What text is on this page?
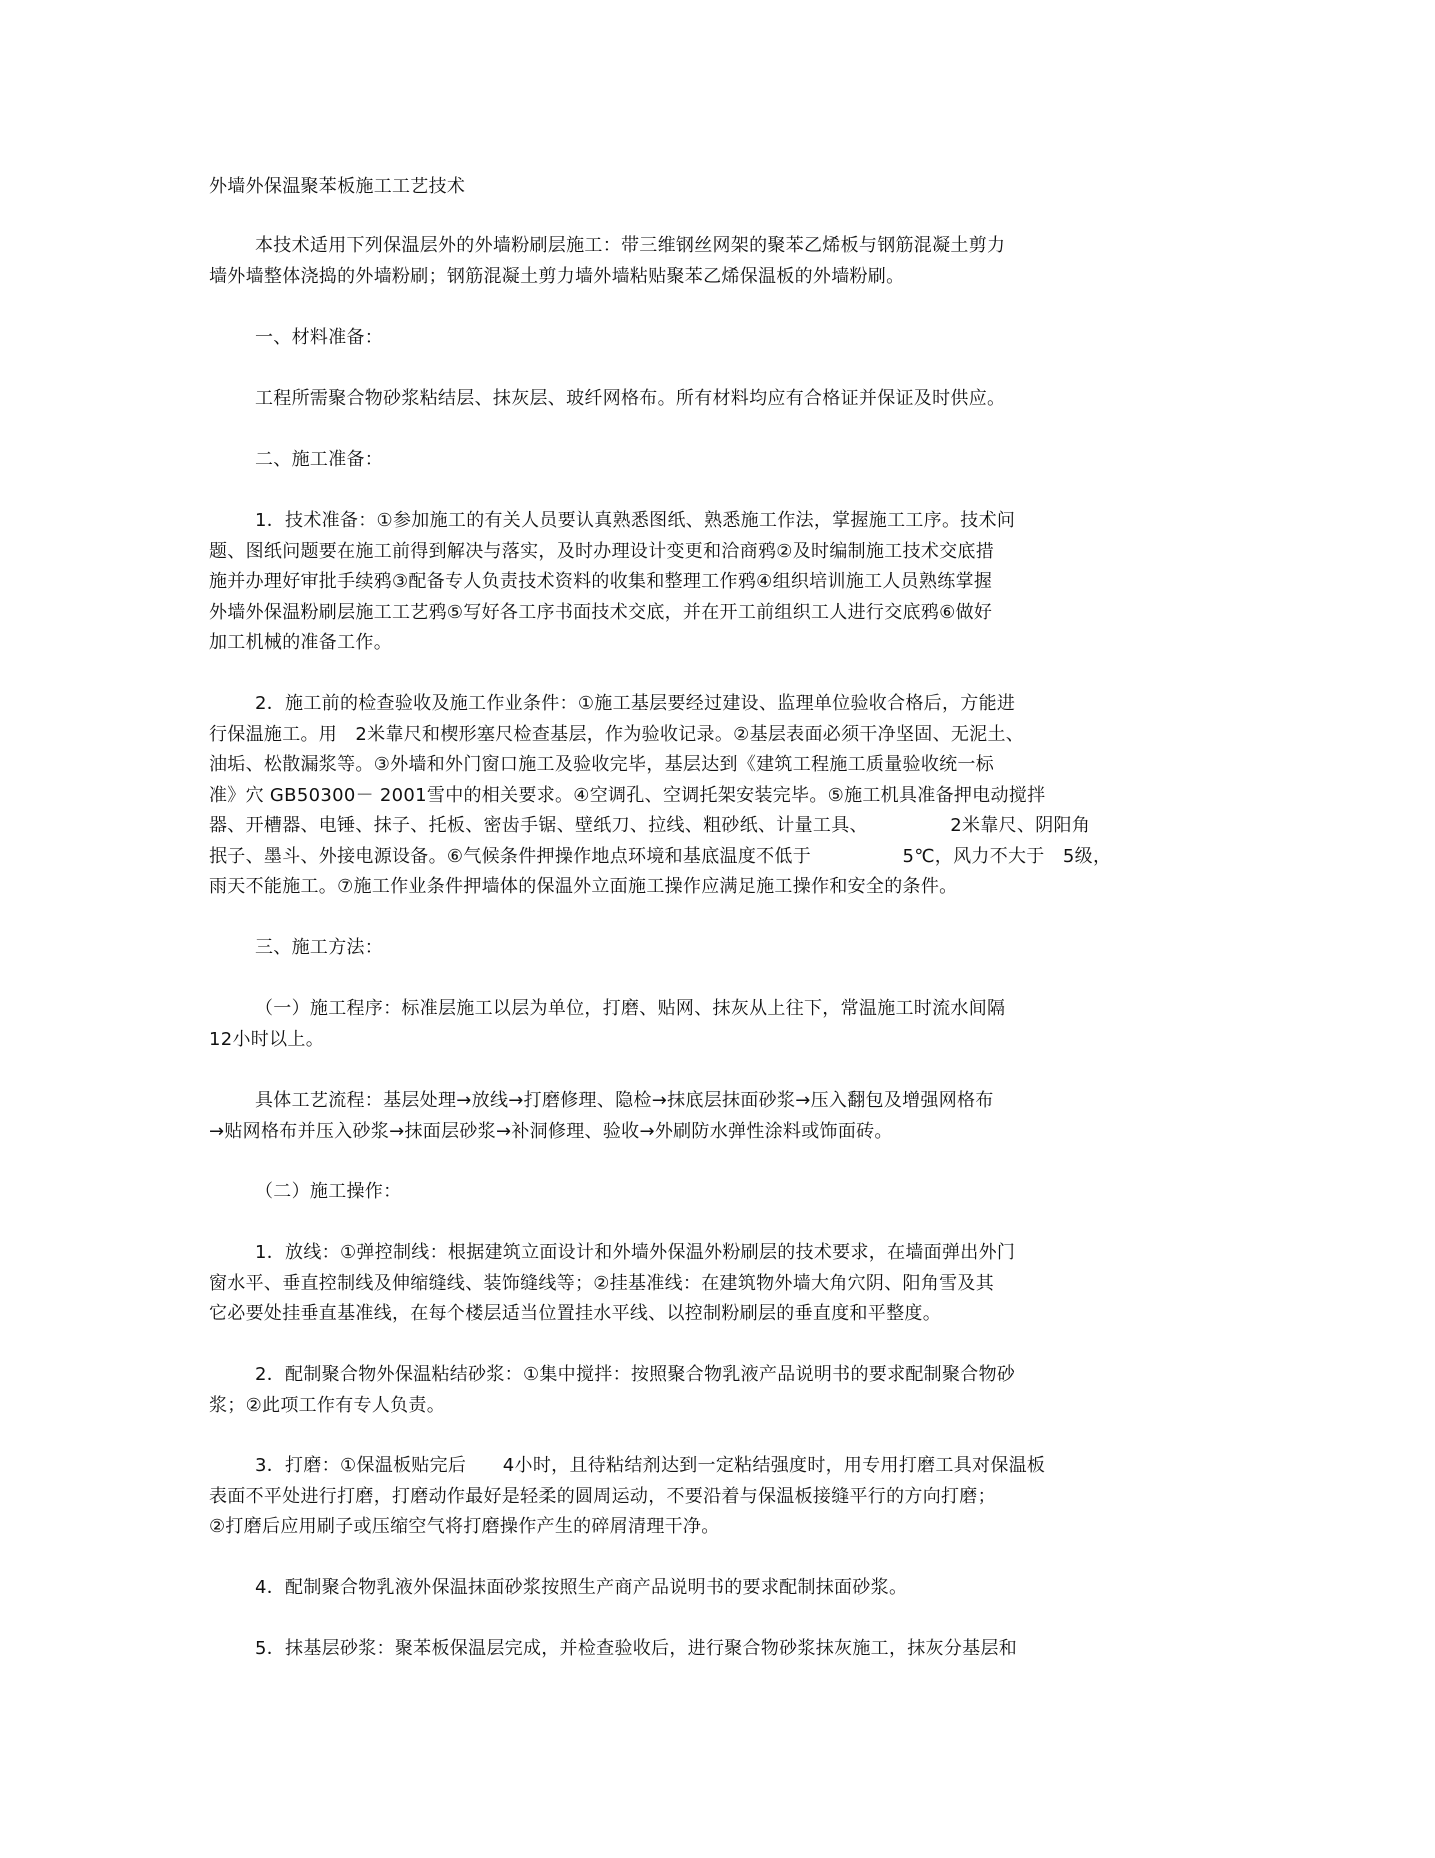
外墙外保温聚苯板施工工艺技术
本技术适用下列保温层外的外墙粉刷层施工：带三维钢丝网架的聚苯乙烯板与钢筋混凝土剪力
墙外墙整体浇捣的外墙粉刷；钢筋混凝土剪力墙外墙粘贴聚苯乙烯保温板的外墙粉刷。
一、材料准备：
工程所需聚合物砂浆粘结层、抹灰层、玻纤网格布。所有材料均应有合格证并保证及时供应。
二、施工准备：
1．技术准备：①参加施工的有关人员要认真熟悉图纸、熟悉施工作法，掌握施工工序。技术问
题、图纸问题要在施工前得到解决与落实，及时办理设计变更和洽商鸦②及时编制施工技术交底措
施并办理好审批手续鸦③配备专人负责技术资料的收集和整理工作鸦④组织培训施工人员熟练掌握
外墙外保温粉刷层施工工艺鸦⑤写好各工序书面技术交底，并在开工前组织工人进行交底鸦⑥做好
加工机械的准备工作。
2．施工前的检查验收及施工作业条件：①施工基层要经过建设、监理单位验收合格后，方能进
行保温施工。用　2米靠尺和楔形塞尺检查基层，作为验收记录。②基层表面必须干净坚固、无泥土、
油垢、松散漏浆等。③外墙和外门窗口施工及验收完毕，基层达到《建筑工程施工质量验收统一标
准》穴 GB50300－ 2001雪中的相关要求。④空调孔、空调托架安装完毕。⑤施工机具准备押电动搅拌
器、开槽器、电锤、抹子、托板、密齿手锯、壁纸刀、拉线、粗砂纸、计量工具、　　　　　2米靠尺、阴阳角
抿子、墨斗、外接电源设备。⑥气候条件押操作地点环境和基底温度不低于　　　　　5℃，风力不大于　5级，
雨天不能施工。⑦施工作业条件押墙体的保温外立面施工操作应满足施工操作和安全的条件。
三、施工方法：
（一）施工程序：标准层施工以层为单位，打磨、贴网、抹灰从上往下，常温施工时流水间隔
12小时以上。
具体工艺流程：基层处理→放线→打磨修理、隐检→抹底层抹面砂浆→压入翻包及增强网格布
→贴网格布并压入砂浆→抹面层砂浆→补洞修理、验收→外刷防水弹性涂料或饰面砖。
（二）施工操作：
1．放线：①弹控制线：根据建筑立面设计和外墙外保温外粉刷层的技术要求，在墙面弹出外门
窗水平、垂直控制线及伸缩缝线、装饰缝线等；②挂基准线：在建筑物外墙大角穴阴、阳角雪及其
它必要处挂垂直基准线，在每个楼层适当位置挂水平线、以控制粉刷层的垂直度和平整度。
2．配制聚合物外保温粘结砂浆：①集中搅拌：按照聚合物乳液产品说明书的要求配制聚合物砂
浆；②此项工作有专人负责。
3．打磨：①保温板贴完后　　4小时，且待粘结剂达到一定粘结强度时，用专用打磨工具对保温板
表面不平处进行打磨，打磨动作最好是轻柔的圆周运动，不要沿着与保温板接缝平行的方向打磨；
②打磨后应用刷子或压缩空气将打磨操作产生的碎屑清理干净。
4．配制聚合物乳液外保温抹面砂浆按照生产商产品说明书的要求配制抹面砂浆。
5．抹基层砂浆：聚苯板保温层完成，并检查验收后，进行聚合物砂浆抹灰施工，抹灰分基层和
